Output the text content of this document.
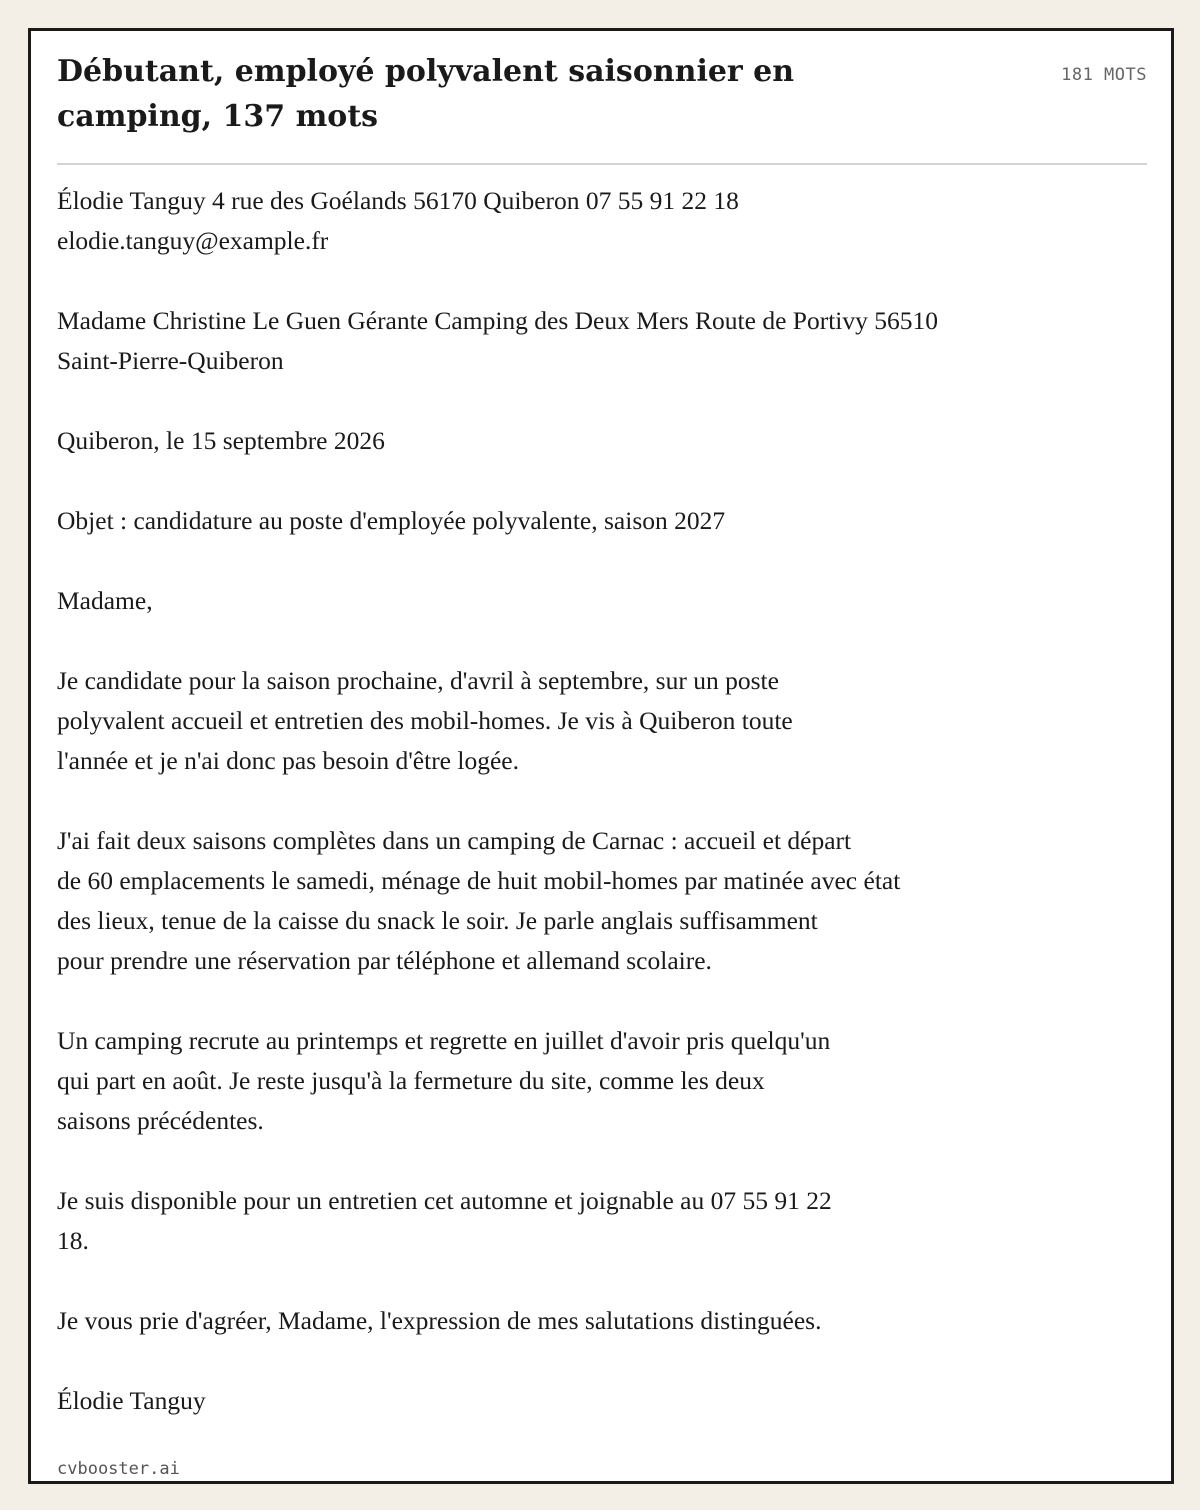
Débutant, employé polyvalent saisonnier en camping, 137 mots
181 MOTS

Élodie Tanguy 4 rue des Goélands 56170 Quiberon 07 55 91 22 18
elodie.tanguy@example.fr

Madame Christine Le Guen Gérante Camping des Deux Mers Route de Portivy 56510
Saint-Pierre-Quiberon

Quiberon, le 15 septembre 2026

Objet : candidature au poste d'employée polyvalente, saison 2027

Madame,

Je candidate pour la saison prochaine, d'avril à septembre, sur un poste
polyvalent accueil et entretien des mobil-homes. Je vis à Quiberon toute
l'année et je n'ai donc pas besoin d'être logée.

J'ai fait deux saisons complètes dans un camping de Carnac : accueil et départ
de 60 emplacements le samedi, ménage de huit mobil-homes par matinée avec état
des lieux, tenue de la caisse du snack le soir. Je parle anglais suffisamment
pour prendre une réservation par téléphone et allemand scolaire.

Un camping recrute au printemps et regrette en juillet d'avoir pris quelqu'un
qui part en août. Je reste jusqu'à la fermeture du site, comme les deux
saisons précédentes.

Je suis disponible pour un entretien cet automne et joignable au 07 55 91 22
18.

Je vous prie d'agréer, Madame, l'expression de mes salutations distinguées.

Élodie Tanguy

cvbooster.ai
